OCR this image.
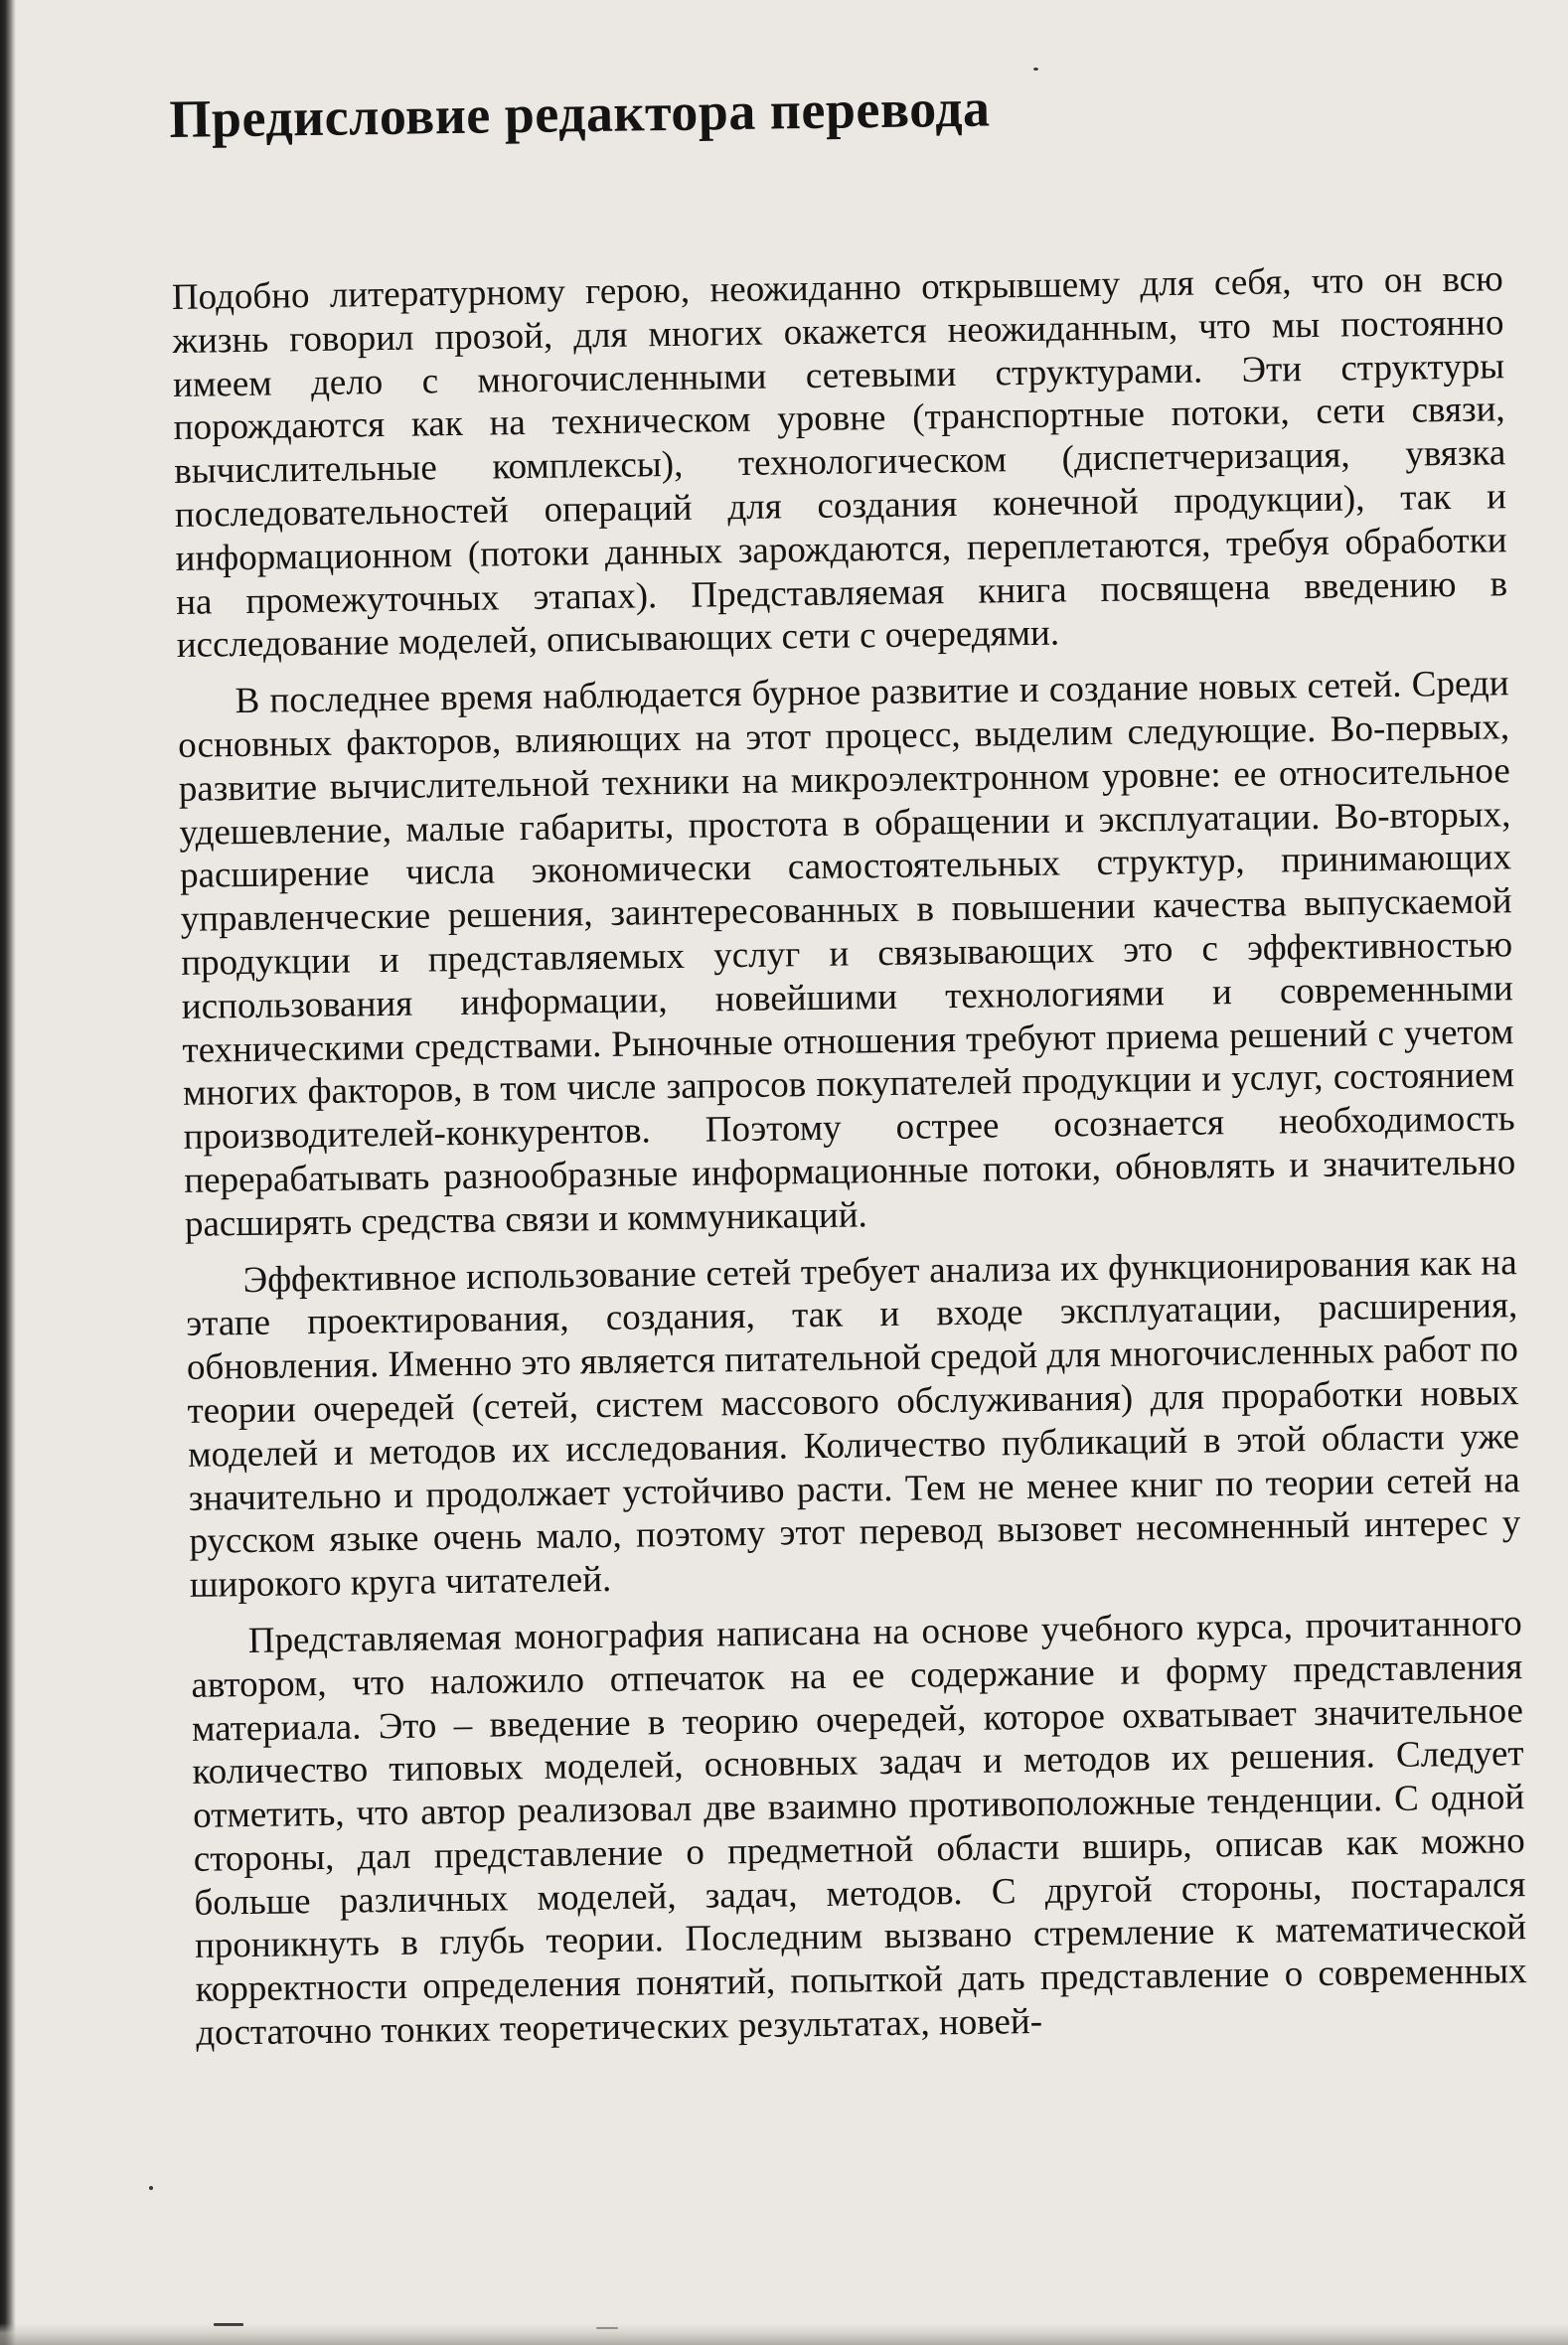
Предисловие редактора перевода

Подобно литературному герою, неожиданно открывшему для себя, что он всю жизнь говорил прозой, для многих окажется неожиданным, что мы постоянно имеем дело с многочисленными сетевыми структурами. Эти структуры порождаются как на техническом уровне (транспортные потоки, сети связи, вычислительные комплексы), технологическом (диспетчеризация, увязка последовательностей операций для создания конечной продукции), так и информационном (потоки данных зарождаются, переплетаются, требуя обработки на промежуточных этапах). Представляемая книга посвящена введению в исследование моделей, описывающих сети с очередями.

В последнее время наблюдается бурное развитие и создание новых сетей. Среди основных факторов, влияющих на этот процесс, выделим следующие. Во-первых, развитие вычислительной техники на микроэлектронном уровне: ее относительное удешевление, малые габариты, простота в обращении и эксплуатации. Во-вторых, расширение числа экономически самостоятельных структур, принимающих управленческие решения, заинтересованных в повышении качества выпускаемой продукции и представляемых услуг и связывающих это с эффективностью использования информации, новейшими технологиями и современными техническими средствами. Рыночные отношения требуют приема решений с учетом многих факторов, в том числе запросов покупателей продукции и услуг, состоянием производителей-конкурентов. Поэтому острее осознается необходимость перерабатывать разнообразные информационные потоки, обновлять и значительно расширять средства связи и коммуникаций.

Эффективное использование сетей требует анализа их функционирования как на этапе проектирования, создания, так и входе эксплуатации, расширения, обновления. Именно это является питательной средой для многочисленных работ по теории очередей (сетей, систем массового обслуживания) для проработки новых моделей и методов их исследования. Количество публикаций в этой области уже значительно и продолжает устойчиво расти. Тем не менее книг по теории сетей на русском языке очень мало, поэтому этот перевод вызовет несомненный интерес у широкого круга читателей.

Представляемая монография написана на основе учебного курса, прочитанного автором, что наложило отпечаток на ее содержание и форму представления материала. Это – введение в теорию очередей, которое охватывает значительное количество типовых моделей, основных задач и методов их решения. Следует отметить, что автор реализовал две взаимно противоположные тенденции. С одной стороны, дал представление о предметной области вширь, описав как можно больше различных моделей, задач, методов. С другой стороны, постарался проникнуть в глубь теории. Последним вызвано стремление к математической корректности определения понятий, попыткой дать представление о современных достаточно тонких теоретических результатах, новей-
